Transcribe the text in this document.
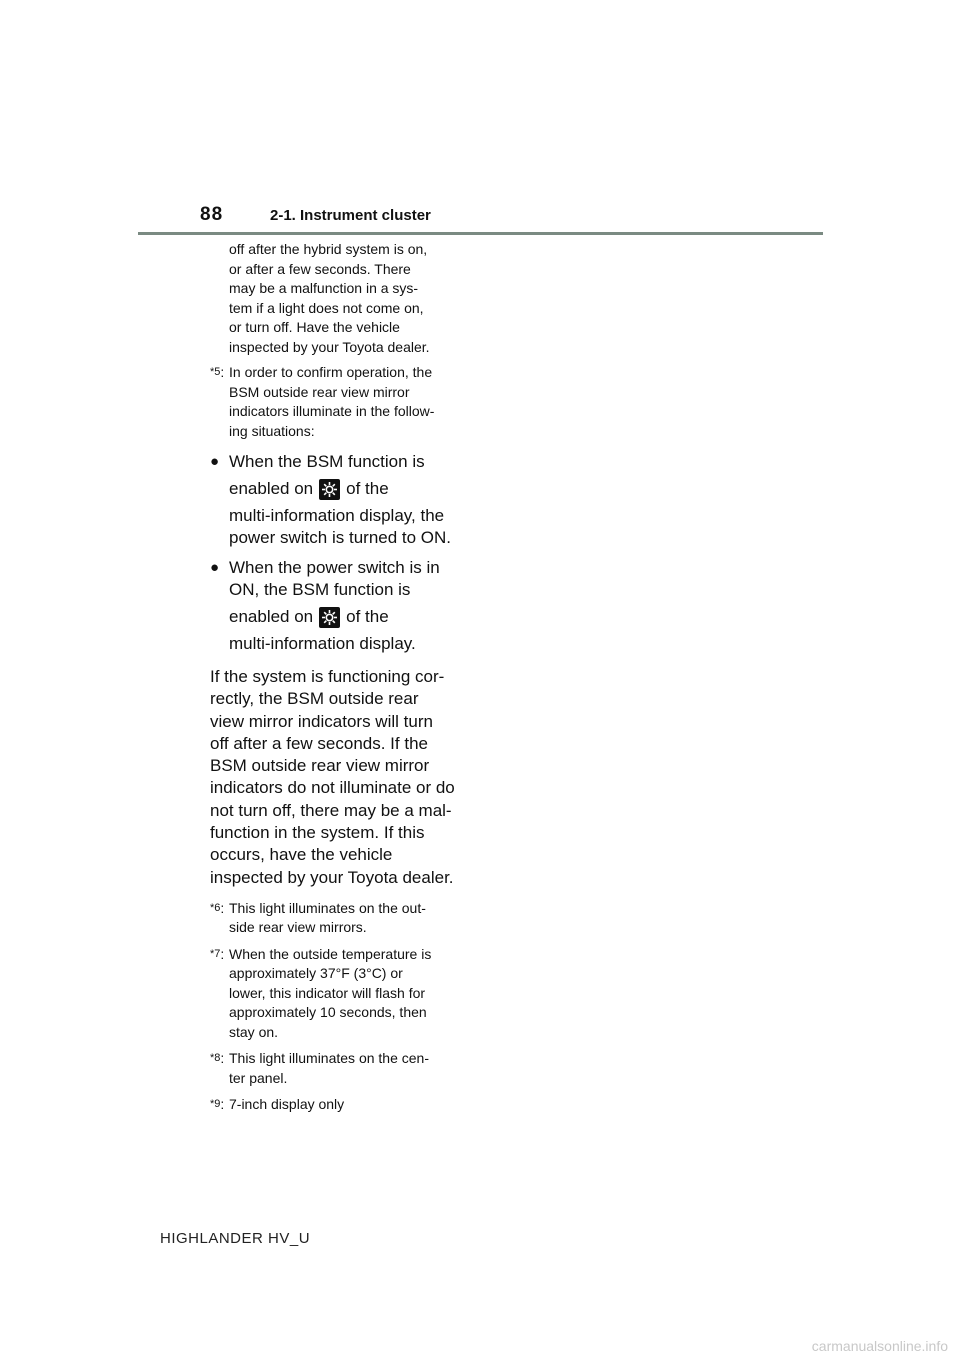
88	2-1. Instrument cluster
off after the hybrid system is on,
or after a few seconds. There
may be a malfunction in a sys-
tem if a light does not come on,
or turn off. Have the vehicle
inspected by your Toyota dealer.
$^{*5}$: In order to confirm operation, the
BSM outside rear view mirror
indicators illuminate in the follow-
ing situations:
● When the BSM function is
enabled on of the
multi-information display, the
power switch is turned to ON.
● When the power switch is in
ON, the BSM function is
enabled on of the
multi-information display.
If the system is functioning cor-
rectly, the BSM outside rear
view mirror indicators will turn
off after a few seconds. If the
BSM outside rear view mirror
indicators do not illuminate or do
not turn off, there may be a mal-
function in the system. If this
occurs, have the vehicle
inspected by your Toyota dealer.
$^{*6}$: This light illuminates on the out-
side rear view mirrors.
$^{*7}$: When the outside temperature is
approximately 37°F (3°C) or
lower, this indicator will flash for
approximately 10 seconds, then
stay on.
$^{*8}$: This light illuminates on the cen-
ter panel.
$^{*9}$: 7-inch display only
HIGHLANDER HV_U
carmanualsonline.info
